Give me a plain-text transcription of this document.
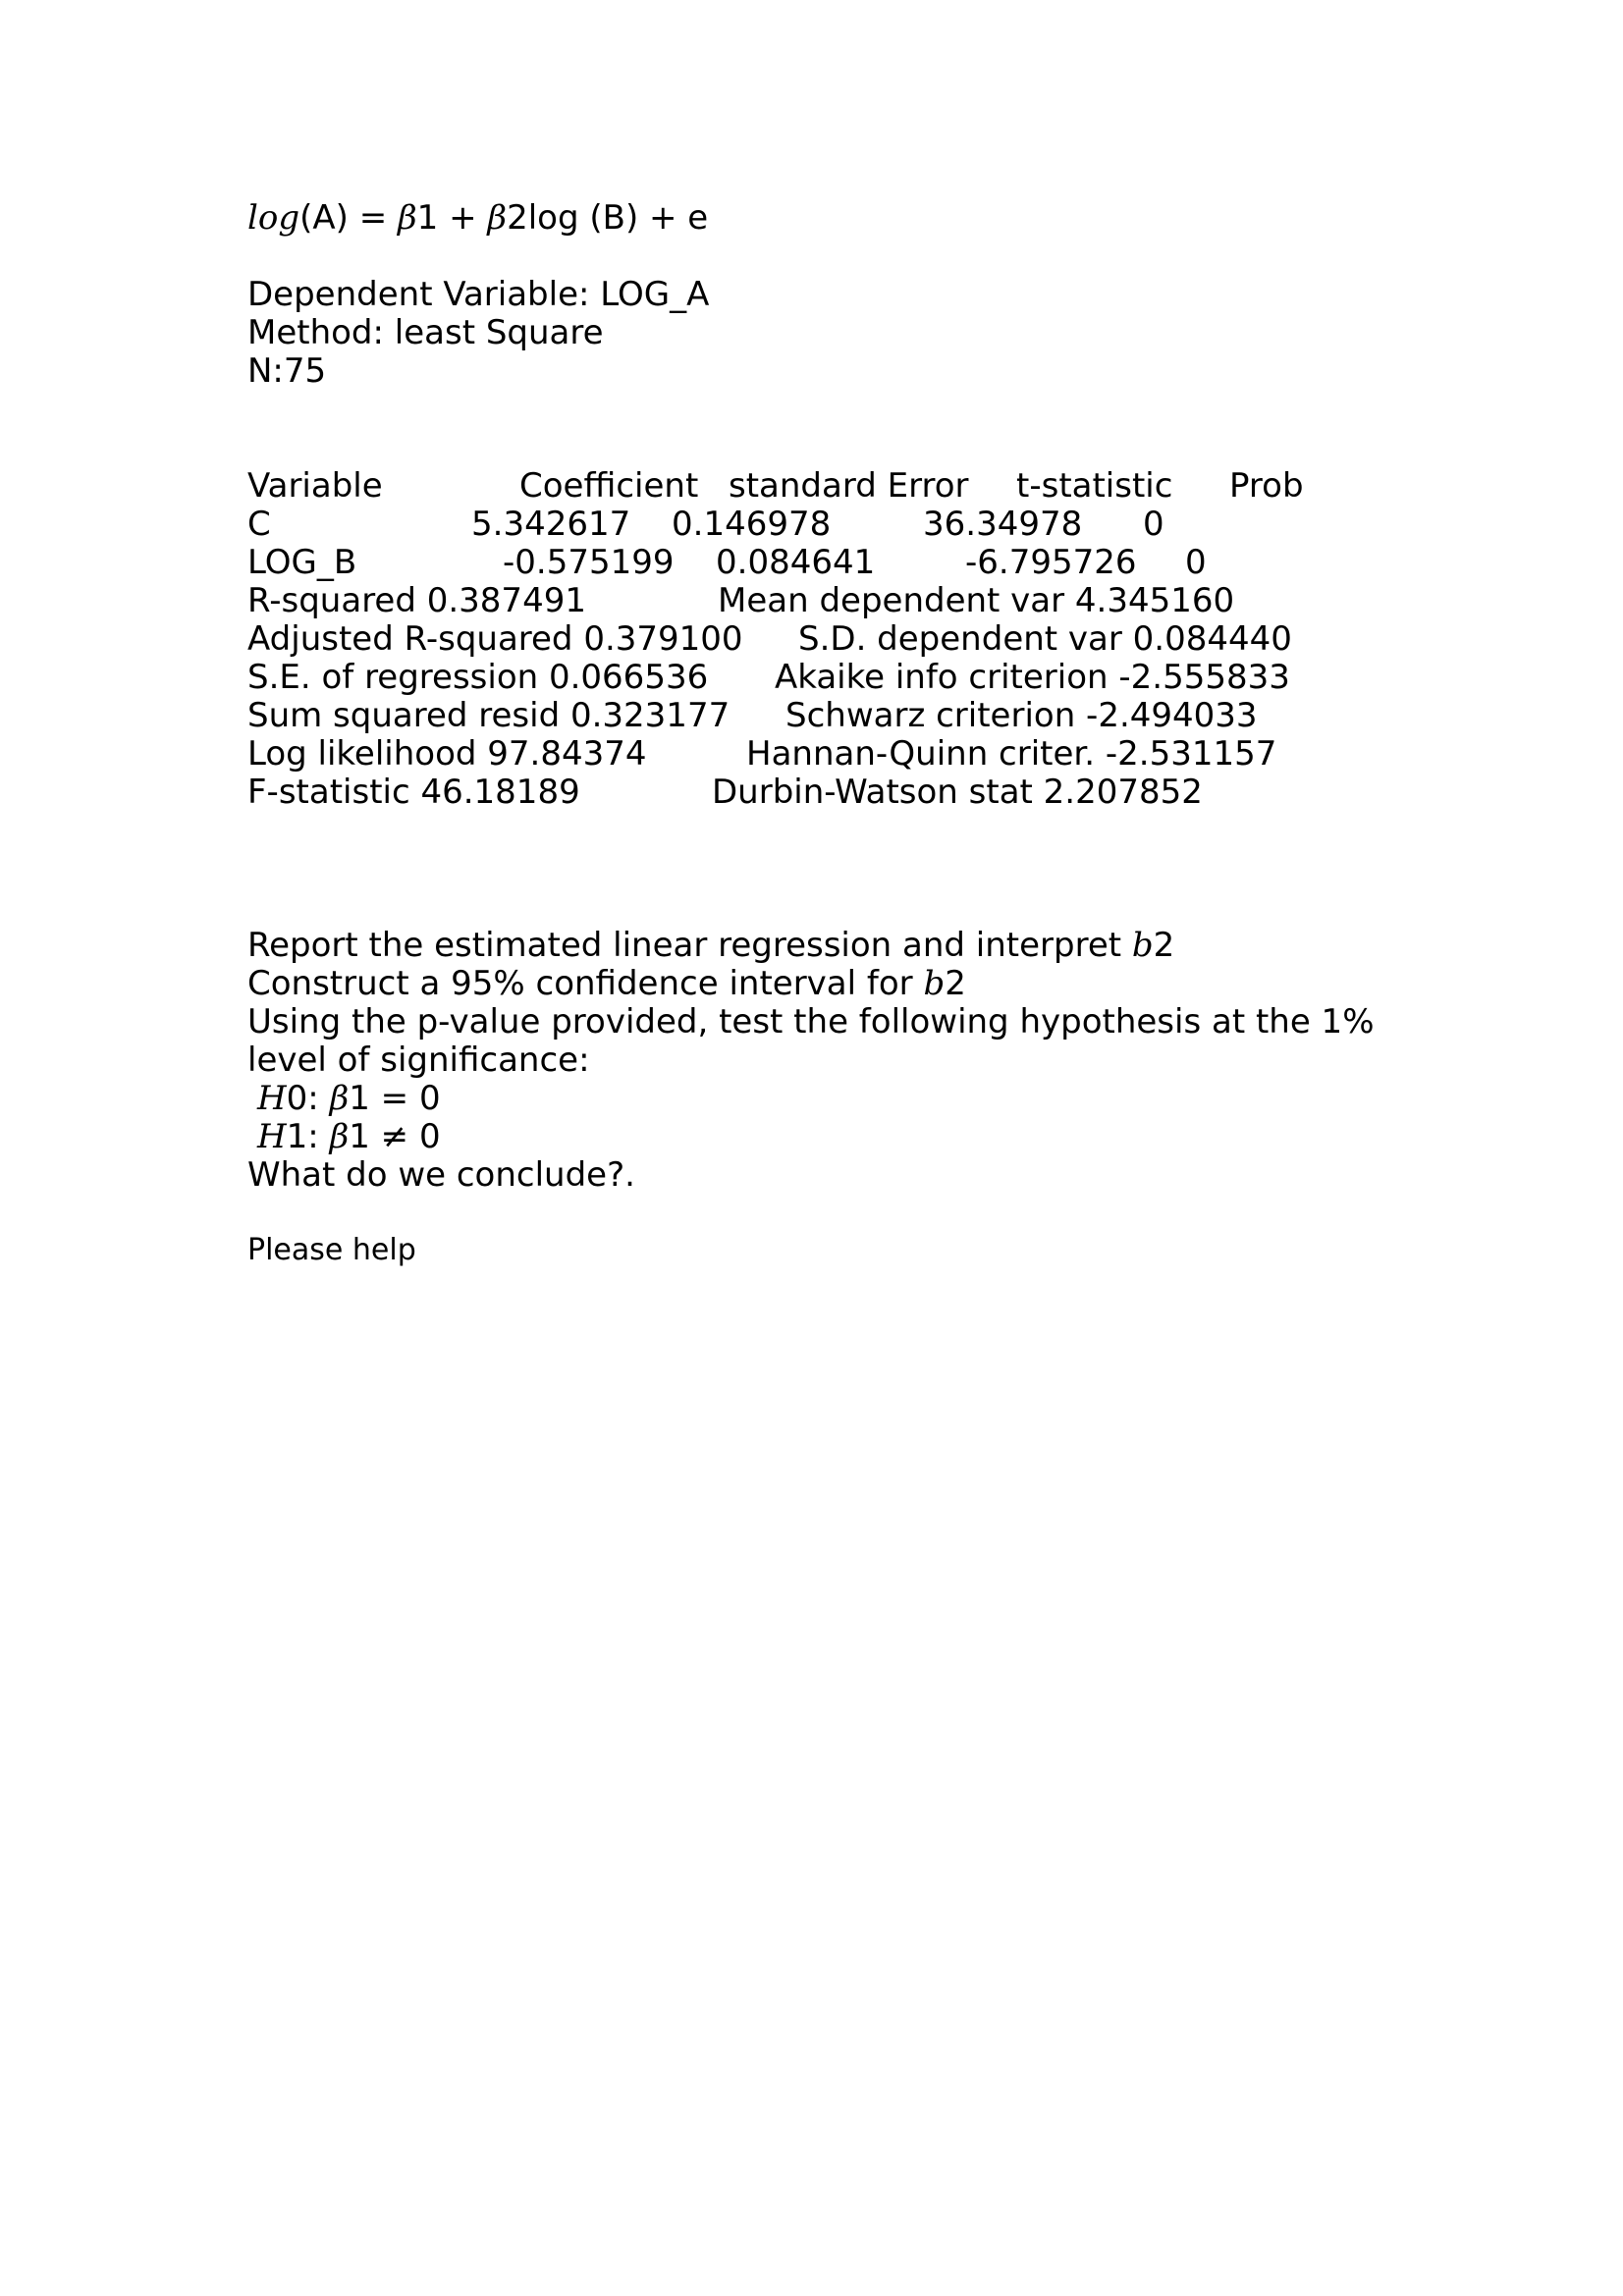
log(A) = β1 + β2log (B) + e
Dependent Variable: LOG_A
Method: least Square
N:75
Variable	Coefficient standard Error t-statistic Prob
C	5.342617 0.146978	36.34978 0
LOG_B	-0.575199 0.084641	-6.795726 0
R-squared 0.387491	Mean dependent var 4.345160
Adjusted R-squared 0.379100 S.D. dependent var 0.084440
S.E. of regression 0.066536 Akaike info criterion -2.555833
Sum squared resid 0.323177 Schwarz criterion -2.494033
Log likelihood 97.84374	Hannan-Quinn criter. -2.531157
F-statistic 46.18189	Durbin-Watson stat 2.207852
Report the estimated linear regression and interpret b2
Construct a 95% confidence interval for b2
Using the p-value provided, test the following hypothesis at the 1%
level of significance:
H0: β1 = 0
H1: β1 ≠ 0
What do we conclude?.
Please help
